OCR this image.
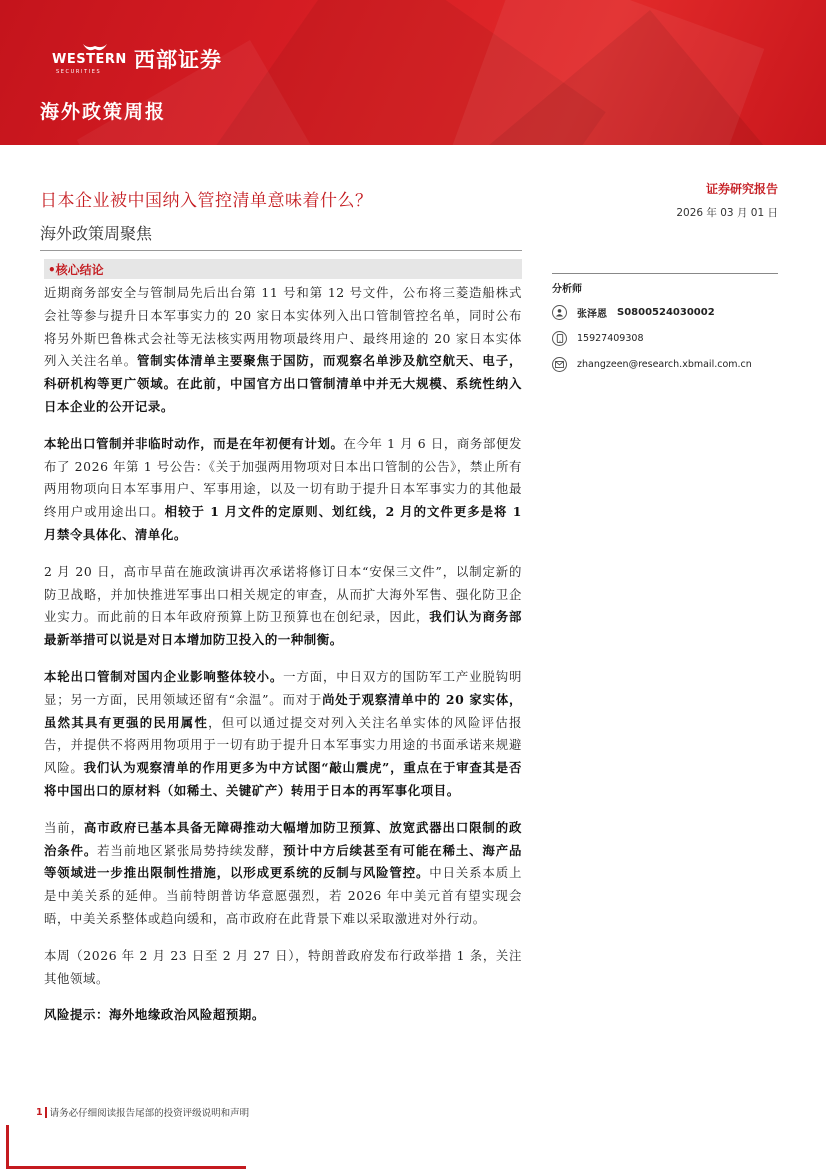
WESTERN
SECURITIES 西部证券
海外政策周报
日本企业被中国纳入管控清单意味着什么？
海外政策周聚焦
证券研究报告
2026 年 03 月 01 日
•核心结论

近期商务部安全与管制局先后出台第 11 号和第 12 号文件，公布将三菱造船株式会社等参与提升日本军事实力的 20 家日本实体列入出口管制管控名单，同时公布将另外斯巴鲁株式会社等无法核实两用物项最终用户、最终用途的 20 家日本实体列入关注名单。管制实体清单主要聚焦于国防，而观察名单涉及航空航天、电子，科研机构等更广领域。在此前，中国官方出口管制清单中并无大规模、系统性纳入日本企业的公开记录。

本轮出口管制并非临时动作，而是在年初便有计划。在今年 1 月 6 日，商务部便发布了 2026 年第 1 号公告：《关于加强两用物项对日本出口管制的公告》，禁止所有两用物项向日本军事用户、军事用途，以及一切有助于提升日本军事实力的其他最终用户或用途出口。相较于 1 月文件的定原则、划红线，2 月的文件更多是将 1 月禁令具体化、清单化。

2 月 20 日，高市早苗在施政演讲再次承诺将修订日本“安保三文件”，以制定新的防卫战略，并加快推进军事出口相关规定的审查，从而扩大海外军售、强化防卫企业实力。而此前的日本年政府预算上防卫预算也在创纪录，因此，我们认为商务部最新举措可以说是对日本增加防卫投入的一种制衡。

本轮出口管制对国内企业影响整体较小。一方面，中日双方的国防军工产业脱钩明显；另一方面，民用领域还留有“余温”。而对于尚处于观察清单中的 20 家实体，虽然其具有更强的民用属性，但可以通过提交对列入关注名单实体的风险评估报告，并提供不将两用物项用于一切有助于提升日本军事实力用途的书面承诺来规避风险。我们认为观察清单的作用更多为中方试图“敲山震虎”，重点在于审查其是否将中国出口的原材料（如稀土、关键矿产）转用于日本的再军事化项目。

当前，高市政府已基本具备无障碍推动大幅增加防卫预算、放宽武器出口限制的政治条件。若当前地区紧张局势持续发酵，预计中方后续甚至有可能在稀土、海产品等领域进一步推出限制性措施，以形成更系统的反制与风险管控。中日关系本质上是中美关系的延伸。当前特朗普访华意愿强烈，若 2026 年中美元首有望实现会晤，中美关系整体或趋向缓和，高市政府在此背景下难以采取激进对外行动。

本周（2026 年 2 月 23 日至 2 月 27 日），特朗普政府发布行政举措 1 条，关注其他领域。

风险提示：海外地缘政治风险超预期。

分析师
张泽恩 S0800524030002
15927409308
zhangzeen@research.xbmail.com.cn
1 请务必仔细阅读报告尾部的投资评级说明和声明
